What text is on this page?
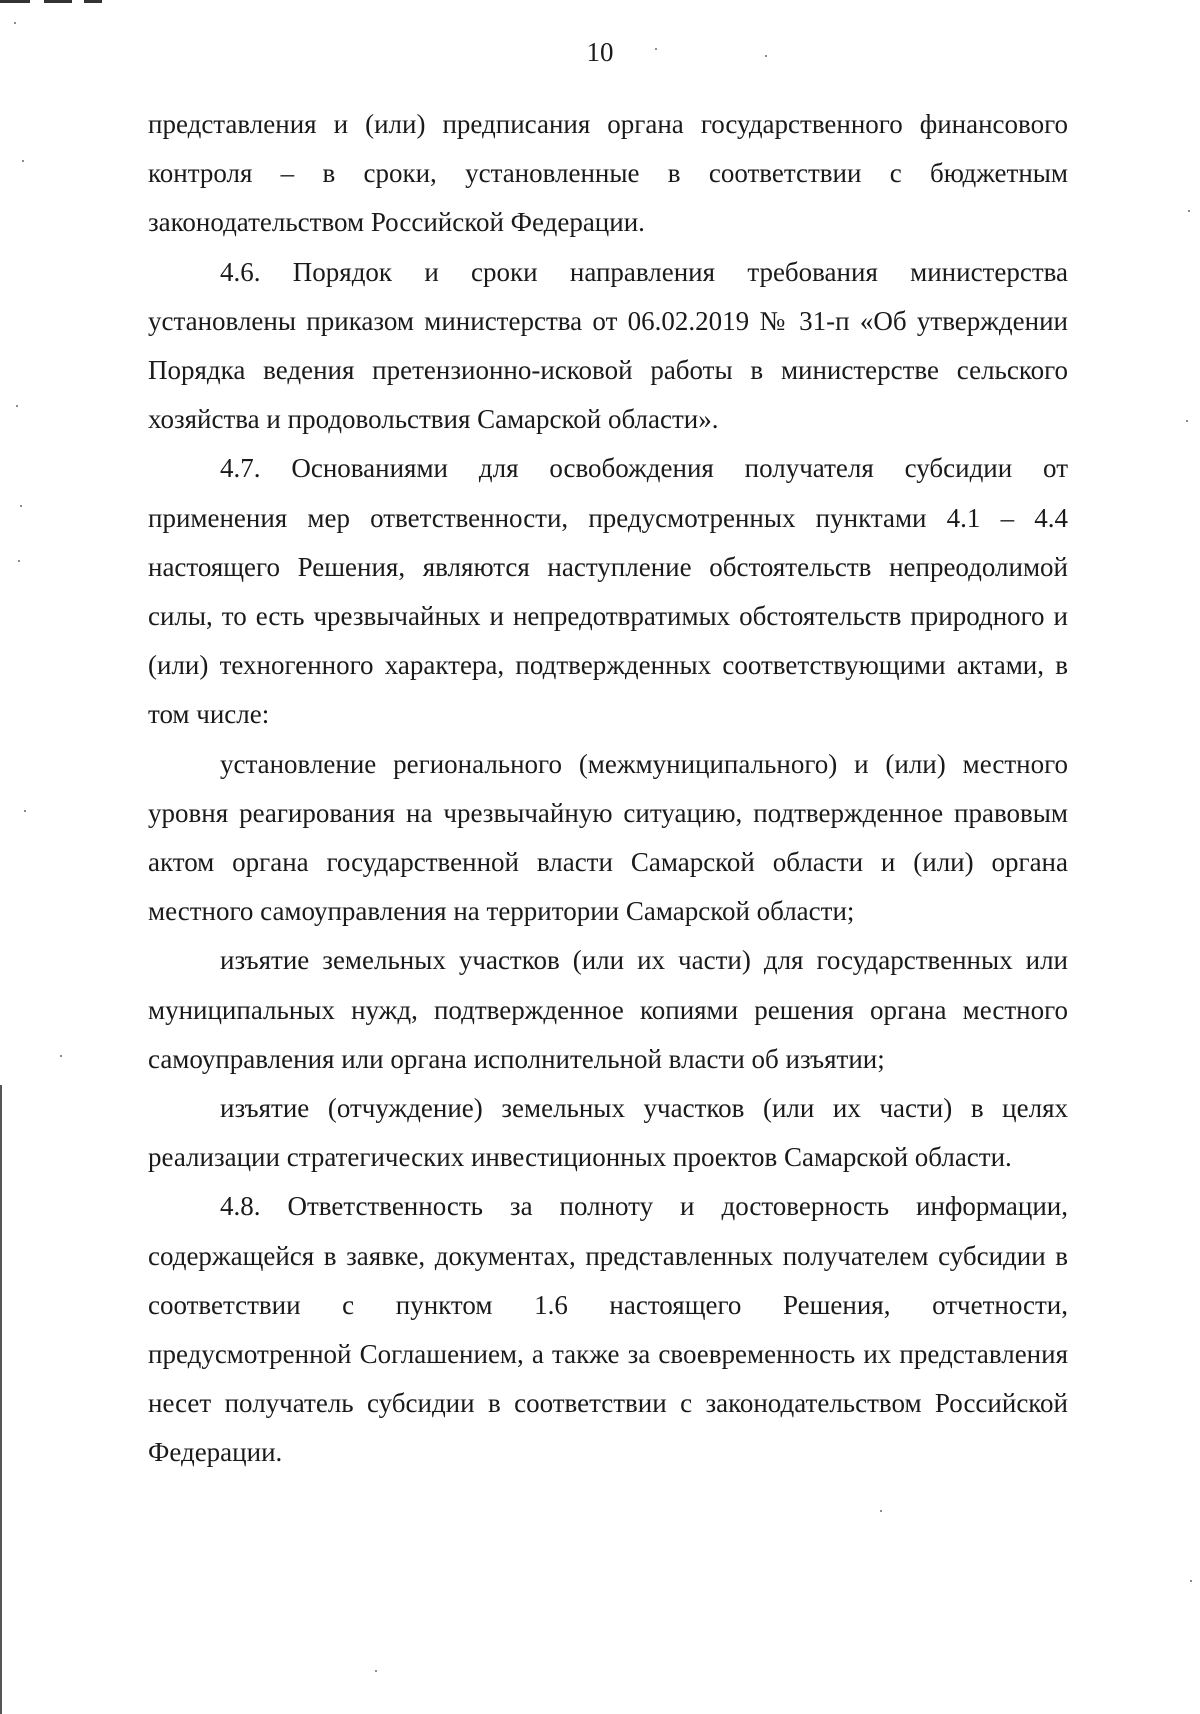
10

представления и (или) предписания органа государственного финансового контроля – в сроки, установленные в соответствии с бюджетным законодательством Российской Федерации.

4.6. Порядок и сроки направления требования министерства установлены приказом министерства от 06.02.2019 № 31-п «Об утверждении Порядка ведения претензионно-исковой работы в министерстве сельского хозяйства и продовольствия Самарской области».

4.7. Основаниями для освобождения получателя субсидии от применения мер ответственности, предусмотренных пунктами 4.1 – 4.4 настоящего Решения, являются наступление обстоятельств непреодолимой силы, то есть чрезвычайных и непредотвратимых обстоятельств природного и (или) техногенного характера, подтвержденных соответствующими актами, в том числе:

установление регионального (межмуниципального) и (или) местного уровня реагирования на чрезвычайную ситуацию, подтвержденное правовым актом органа государственной власти Самарской области и (или) органа местного самоуправления на территории Самарской области;

изъятие земельных участков (или их части) для государственных или муниципальных нужд, подтвержденное копиями решения органа местного самоуправления или органа исполнительной власти об изъятии;

изъятие (отчуждение) земельных участков (или их части) в целях реализации стратегических инвестиционных проектов Самарской области.

4.8. Ответственность за полноту и достоверность информации, содержащейся в заявке, документах, представленных получателем субсидии в соответствии с пунктом 1.6 настоящего Решения, отчетности, предусмотренной Соглашением, а также за своевременность их представления несет получатель субсидии в соответствии с законодательством Российской Федерации.
